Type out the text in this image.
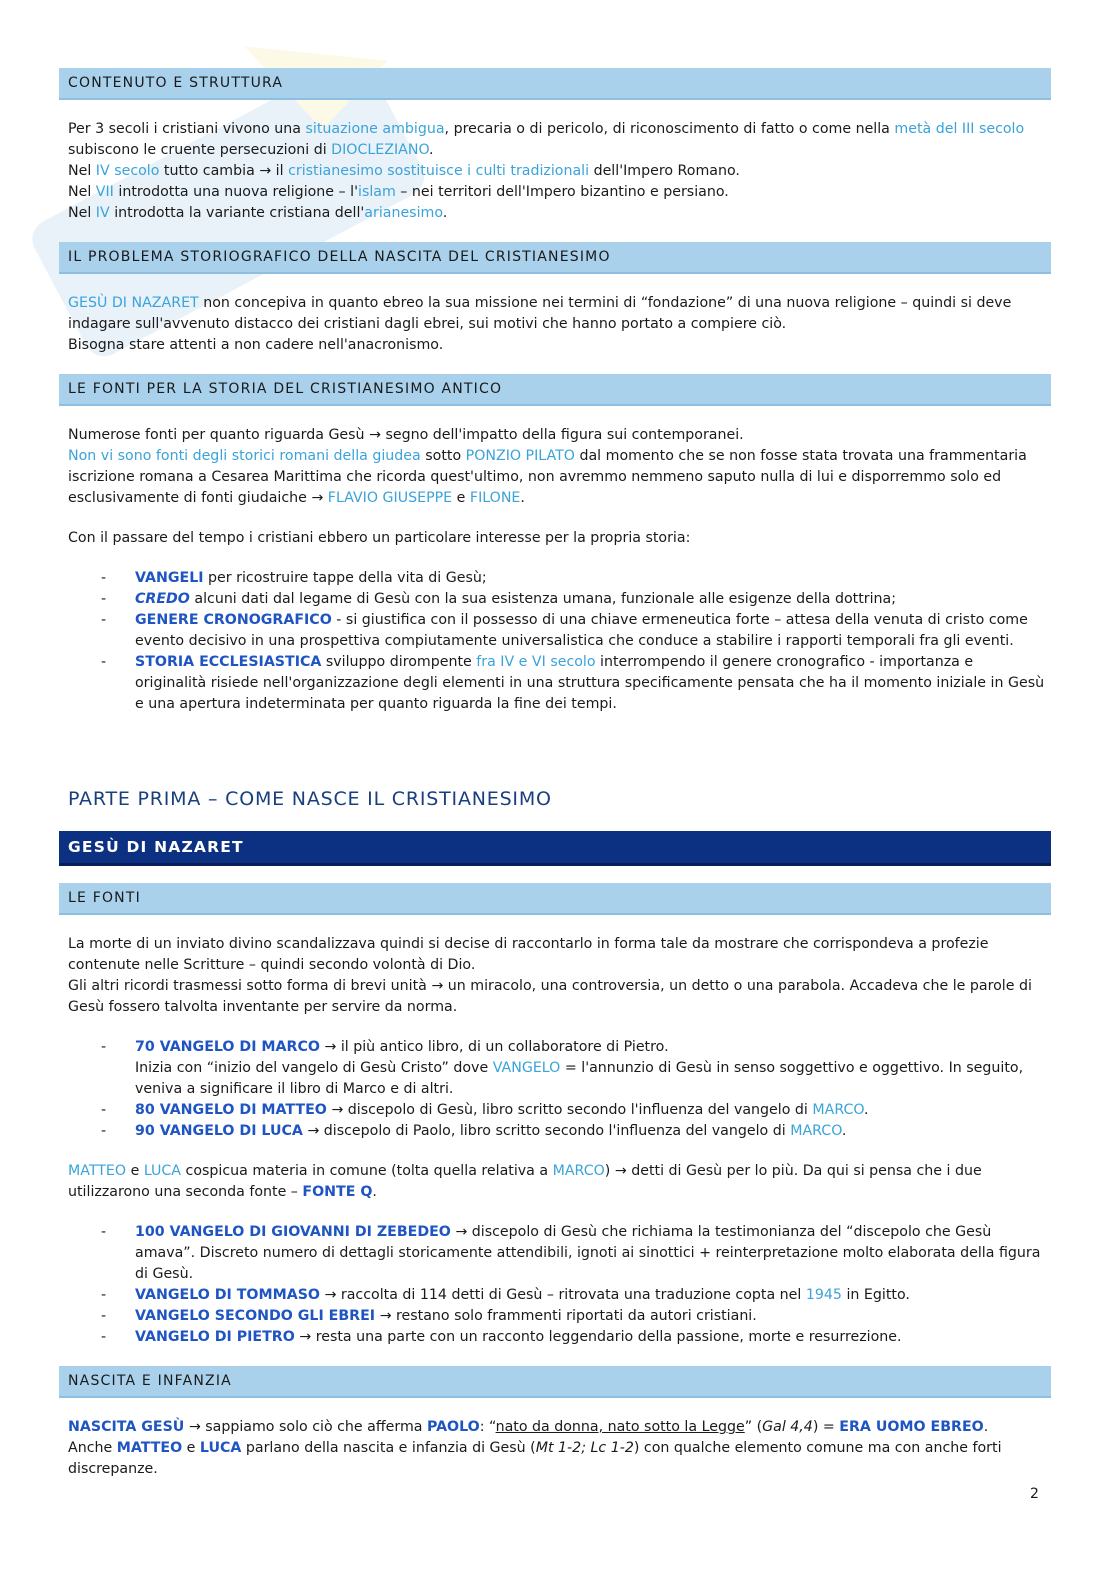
CONTENUTO E STRUTTURA

Per 3 secoli i cristiani vivono una situazione ambigua, precaria o di pericolo, di riconoscimento di fatto o come nella metà del III secolo subiscono le cruente persecuzioni di DIOCLEZIANO.

Nel IV secolo tutto cambia → il cristianesimo sostituisce i culti tradizionali dell'Impero Romano.

Nel VII introdotta una nuova religione – l'islam – nei territori dell'Impero bizantino e persiano.

Nel IV introdotta la variante cristiana dell'arianesimo.

IL PROBLEMA STORIOGRAFICO DELLA NASCITA DEL CRISTIANESIMO

GESÙ DI NAZARET non concepiva in quanto ebreo la sua missione nei termini di “fondazione” di una nuova religione – quindi si deve indagare sull'avvenuto distacco dei cristiani dagli ebrei, sui motivi che hanno portato a compiere ciò.

Bisogna stare attenti a non cadere nell'anacronismo.

LE FONTI PER LA STORIA DEL CRISTIANESIMO ANTICO

Numerose fonti per quanto riguarda Gesù → segno dell'impatto della figura sui contemporanei.

Non vi sono fonti degli storici romani della giudea sotto PONZIO PILATO dal momento che se non fosse stata trovata una frammentaria iscrizione romana a Cesarea Marittima che ricorda quest'ultimo, non avremmo nemmeno saputo nulla di lui e disporremmo solo ed esclusivamente di fonti giudaiche → FLAVIO GIUSEPPE e FILONE.

Con il passare del tempo i cristiani ebbero un particolare interesse per la propria storia:

- VANGELI per ricostruire tappe della vita di Gesù;
- CREDO alcuni dati dal legame di Gesù con la sua esistenza umana, funzionale alle esigenze della dottrina;
- GENERE CRONOGRAFICO - si giustifica con il possesso di una chiave ermeneutica forte – attesa della venuta di cristo come evento decisivo in una prospettiva compiutamente universalistica che conduce a stabilire i rapporti temporali fra gli eventi.
- STORIA ECCLESIASTICA sviluppo dirompente fra IV e VI secolo interrompendo il genere cronografico - importanza e originalità risiede nell'organizzazione degli elementi in una struttura specificamente pensata che ha il momento iniziale in Gesù e una apertura indeterminata per quanto riguarda la fine dei tempi.
PARTE PRIMA – COME NASCE IL CRISTIANESIMO
GESÙ DI NAZARET
LE FONTI

La morte di un inviato divino scandalizzava quindi si decise di raccontarlo in forma tale da mostrare che corrispondeva a profezie contenute nelle Scritture – quindi secondo volontà di Dio.

Gli altri ricordi trasmessi sotto forma di brevi unità → un miracolo, una controversia, un detto o una parabola. Accadeva che le parole di Gesù fossero talvolta inventante per servire da norma.

- 70 VANGELO DI MARCO → il più antico libro, di un collaboratore di Pietro.
Inizia con “inizio del vangelo di Gesù Cristo” dove VANGELO = l'annunzio di Gesù in senso soggettivo e oggettivo. In seguito, veniva a significare il libro di Marco e di altri.
- 80 VANGELO DI MATTEO → discepolo di Gesù, libro scritto secondo l'influenza del vangelo di MARCO.
- 90 VANGELO DI LUCA → discepolo di Paolo, libro scritto secondo l'influenza del vangelo di MARCO.

MATTEO e LUCA cospicua materia in comune (tolta quella relativa a MARCO) → detti di Gesù per lo più. Da qui si pensa che i due utilizzarono una seconda fonte – FONTE Q.

- 100 VANGELO DI GIOVANNI DI ZEBEDEO → discepolo di Gesù che richiama la testimonianza del “discepolo che Gesù amava”. Discreto numero di dettagli storicamente attendibili, ignoti ai sinottici + reinterpretazione molto elaborata della figura di Gesù.
- VANGELO DI TOMMASO → raccolta di 114 detti di Gesù – ritrovata una traduzione copta nel 1945 in Egitto.
- VANGELO SECONDO GLI EBREI → restano solo frammenti riportati da autori cristiani.
- VANGELO DI PIETRO → resta una parte con un racconto leggendario della passione, morte e resurrezione.
NASCITA E INFANZIA

NASCITA GESÙ → sappiamo solo ciò che afferma PAOLO: “nato da donna, nato sotto la Legge” (Gal 4,4) = ERA UOMO EBREO.

Anche MATTEO e LUCA parlano della nascita e infanzia di Gesù (Mt 1-2; Lc 1-2) con qualche elemento comune ma con anche forti discrepanze.

2
